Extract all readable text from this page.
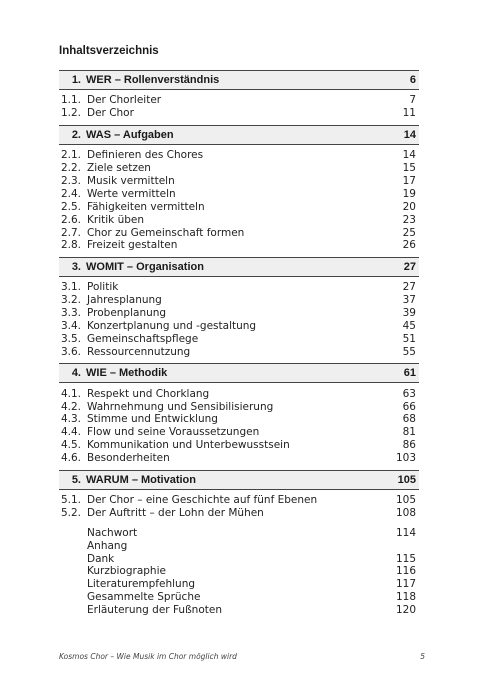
Inhaltsverzeichnis
1. WER – Rollenverständnis	6
1.1. Der Chorleiter	7
1.2. Der Chor	11
2. WAS – Aufgaben	14
2.1. Definieren des Chores	14
2.2. Ziele setzen	15
2.3. Musik vermitteln	17
2.4. Werte vermitteln	19
2.5. Fähigkeiten vermitteln	20
2.6. Kritik üben	23
2.7. Chor zu Gemeinschaft formen	25
2.8. Freizeit gestalten	26
3. WOMIT – Organisation	27
3.1. Politik	27
3.2. Jahresplanung	37
3.3. Probenplanung	39
3.4. Konzertplanung und -gestaltung	45
3.5. Gemeinschaftspflege	51
3.6. Ressourcennutzung	55
4. WIE – Methodik	61
4.1. Respekt und Chorklang	63
4.2. Wahrnehmung und Sensibilisierung	66
4.3. Stimme und Entwicklung	68
4.4. Flow und seine Voraussetzungen	81
4.5. Kommunikation und Unterbewusstsein	86
4.6. Besonderheiten	103
5. WARUM – Motivation	105
5.1. Der Chor – eine Geschichte auf fünf Ebenen	105
5.2. Der Auftritt – der Lohn der Mühen	108
Nachwort	114
Anhang
Dank	115
Kurzbiographie	116
Literaturempfehlung	117
Gesammelte Sprüche	118
Erläuterung der Fußnoten	120
Kosmos Chor – Wie Musik im Chor möglich wird	5
